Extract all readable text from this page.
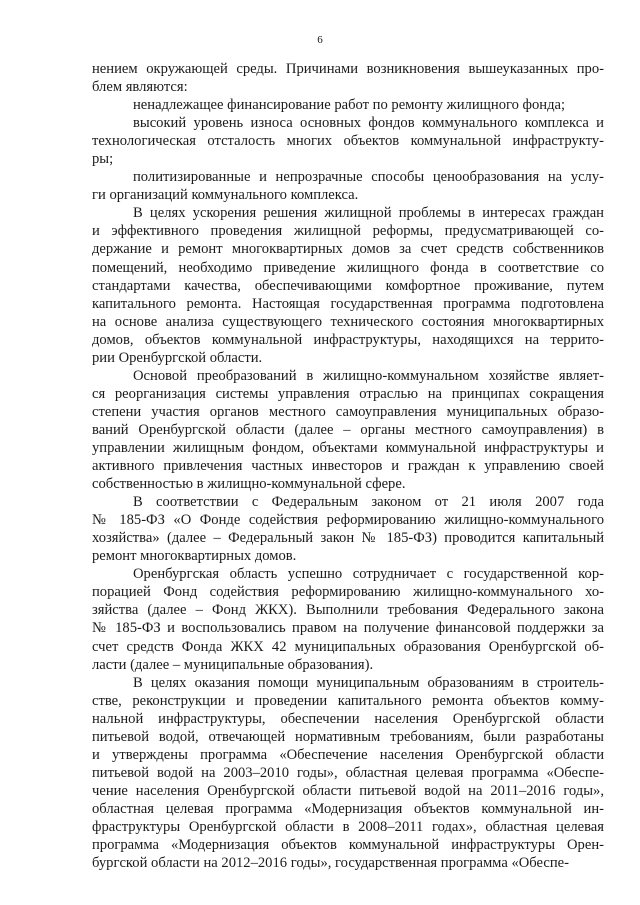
6
нением окружающей среды. Причинами возникновения вышеуказанных про-
блем являются:
ненадлежащее финансирование работ по ремонту жилищного фонда;
высокий уровень износа основных фондов коммунального комплекса и
технологическая отсталость многих объектов коммунальной инфраструкту-
ры;
политизированные и непрозрачные способы ценообразования на услу-
ги организаций коммунального комплекса.
В целях ускорения решения жилищной проблемы в интересах граждан
и эффективного проведения жилищной реформы, предусматривающей со-
держание и ремонт многоквартирных домов за счет средств собственников
помещений, необходимо приведение жилищного фонда в соответствие со
стандартами качества, обеспечивающими комфортное проживание, путем
капитального ремонта. Настоящая государственная программа подготовлена
на основе анализа существующего технического состояния многоквартирных
домов, объектов коммунальной инфраструктуры, находящихся на террито-
рии Оренбургской области.
Основой преобразований в жилищно-коммунальном хозяйстве являет-
ся реорганизация системы управления отраслью на принципах сокращения
степени участия органов местного самоуправления муниципальных образо-
ваний Оренбургской области (далее – органы местного самоуправления) в
управлении жилищным фондом, объектами коммунальной инфраструктуры и
активного привлечения частных инвесторов и граждан к управлению своей
собственностью в жилищно-коммунальной сфере.
В соответствии с Федеральным законом от 21 июля 2007 года
№ 185-ФЗ «О Фонде содействия реформированию жилищно-коммунального
хозяйства» (далее – Федеральный закон № 185-ФЗ) проводится капитальный
ремонт многоквартирных домов.
Оренбургская область успешно сотрудничает с государственной кор-
порацией Фонд содействия реформированию жилищно-коммунального хо-
зяйства (далее – Фонд ЖКХ). Выполнили требования Федерального закона
№ 185-ФЗ и воспользовались правом на получение финансовой поддержки за
счет средств Фонда ЖКХ 42 муниципальных образования Оренбургской об-
ласти (далее – муниципальные образования).
В целях оказания помощи муниципальным образованиям в строитель-
стве, реконструкции и проведении капитального ремонта объектов комму-
нальной инфраструктуры, обеспечении населения Оренбургской области
питьевой водой, отвечающей нормативным требованиям, были разработаны
и утверждены программа «Обеспечение населения Оренбургской области
питьевой водой на 2003–2010 годы», областная целевая программа «Обеспе-
чение населения Оренбургской области питьевой водой на 2011–2016 годы»,
областная целевая программа «Модернизация объектов коммунальной ин-
фраструктуры Оренбургской области в 2008–2011 годах», областная целевая
программа «Модернизация объектов коммунальной инфраструктуры Орен-
бургской области на 2012–2016 годы», государственная программа «Обеспе-
